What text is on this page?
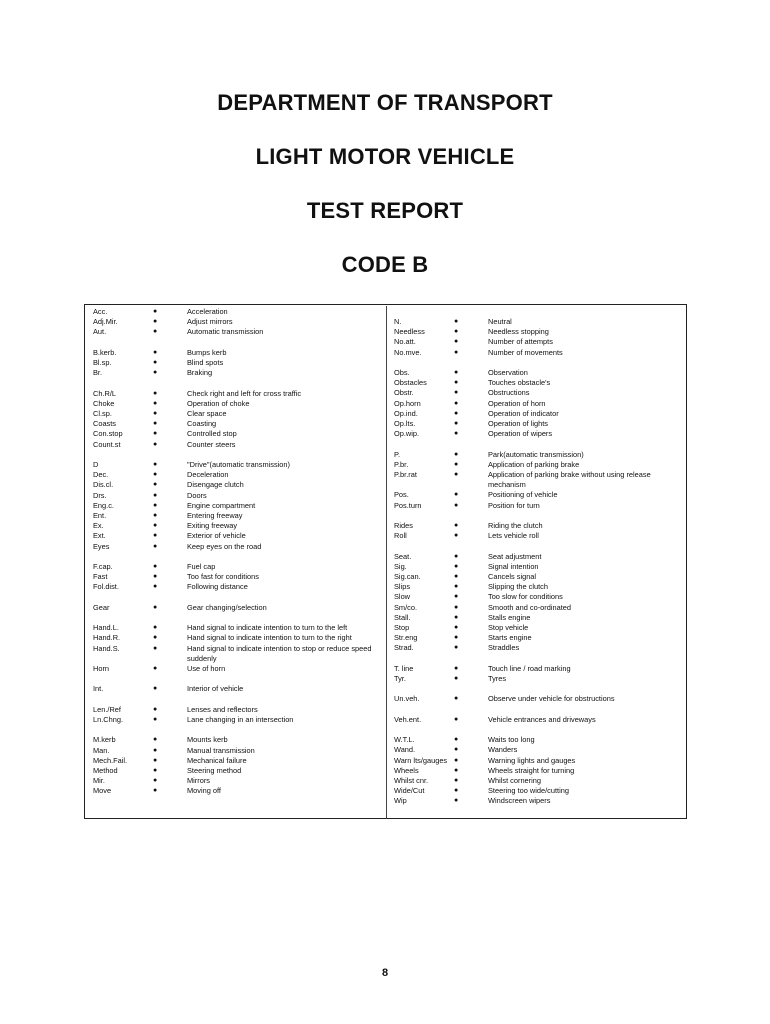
DEPARTMENT OF TRANSPORT
LIGHT MOTOR VEHICLE
TEST REPORT
CODE B
Acc.	●	Acceleration
Adj.Mir.	●	Adjust mirrors
Aut.	●	Automatic transmission
B.kerb.	●	Bumps kerb
Bl.sp.	●	Blind spots
Br.	●	Braking
Ch.R/L	●	Check right and left for cross traffic
Choke	●	Operation of choke
Cl.sp.	●	Clear space
Coasts	●	Coasting
Con.stop	●	Controlled stop
Count.st	●	Counter steers
D	●	"Drive"(automatic transmission)
Dec.	●	Deceleration
Dis.cl.	●	Disengage clutch
Drs.	●	Doors
Eng.c.	●	Engine compartment
Ent.	●	Entering freeway
Ex.	●	Exiting freeway
Ext.	●	Exterior of vehicle
Eyes	●	Keep eyes on the road
F.cap.	●	Fuel cap
Fast	●	Too fast for conditions
Fol.dist.	●	Following distance
Gear	●	Gear changing/selection
Hand.L.	●	Hand signal to indicate intention to turn to the left
Hand.R.	●	Hand signal to indicate intention to turn to the right
Hand.S.	●	Hand signal to indicate intention to stop or reduce speed suddenly
Horn	●	Use of horn
Int.	●	Interior of vehicle
Len./Ref	●	Lenses and reflectors
Ln.Chng.	●	Lane changing in an intersection
M.kerb	●	Mounts kerb
Man.	●	Manual transmission
Mech.Fail.	●	Mechanical failure
Method	●	Steering method
Mir.	●	Mirrors
Move	●	Moving off
N.	●	Neutral
Needless	●	Needless stopping
No.att.	●	Number of attempts
No.mve.	●	Number of movements
Obs.	●	Observation
Obstacles	●	Touches obstacle's
Obstr.	●	Obstructions
Op.horn	●	Operation of horn
Op.ind.	●	Operation of indicator
Op.lts.	●	Operation of lights
Op.wip.	●	Operation of wipers
P.	●	Park(automatic transmission)
P.br.	●	Application of parking brake
P.br.rat	●	Application of parking brake without using release mechanism
Pos.	●	Positioning of vehicle
Pos.turn	●	Position for turn
Rides	●	Riding the clutch
Roll	●	Lets vehicle roll
Seat.	●	Seat adjustment
Sig.	●	Signal intention
Sig.can.	●	Cancels signal
Slips	●	Slipping the clutch
Slow	●	Too slow for conditions
Sm/co.	●	Smooth and co-ordinated
Stall.	●	Stalls engine
Stop	●	Stop vehicle
Str.eng	●	Starts engine
Strad.	●	Straddles
T. line	●	Touch line / road marking
Tyr.	●	Tyres
Un.veh.	●	Observe under vehicle for obstructions
Veh.ent.	●	Vehicle entrances and driveways
W.T.L.	●	Waits too long
Wand.	●	Wanders
Warn lts/gauges ●	Warning lights and gauges
Wheels	●	Wheels straight for turning
Whilst cnr.	●	Whilst cornering
Wide/Cut	●	Steering too wide/cutting
Wip	●	Windscreen wipers
8
